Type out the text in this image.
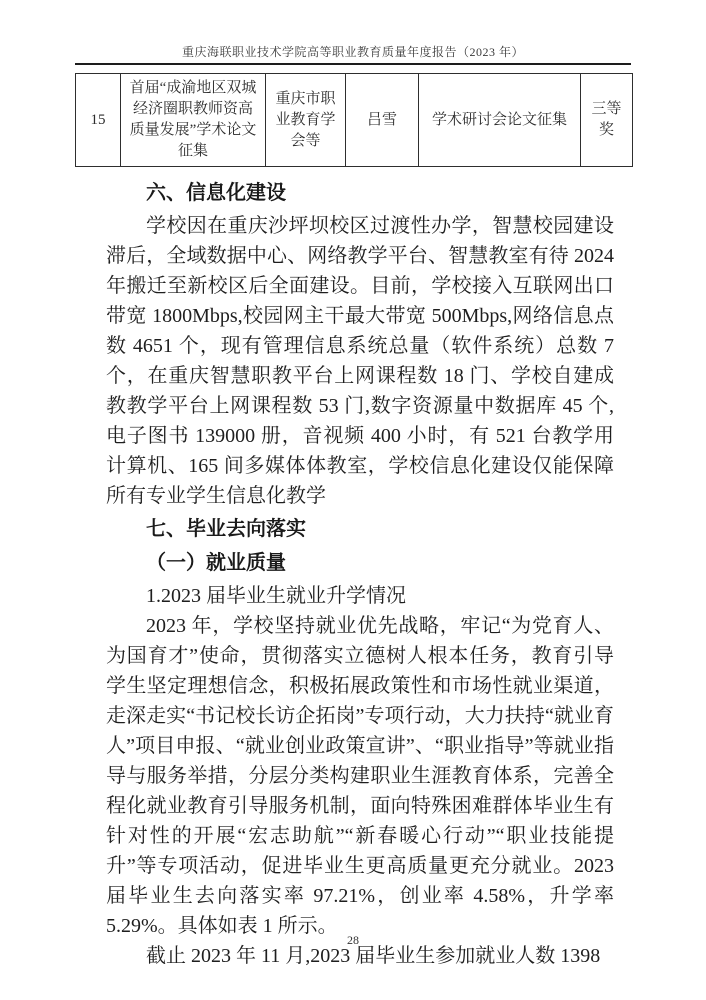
重庆海联职业技术学院高等职业教育质量年度报告（2023 年）
15	首届“成渝地区双城经济圈职教师资高质量发展”学术论文征集	重庆市职业教育学会等	吕雪	学术研讨会论文征集	三等奖
六、信息化建设

学校因在重庆沙坪坝校区过渡性办学，智慧校园建设滞后，全域数据中心、网络教学平台、智慧教室有待 2024 年搬迁至新校区后全面建设。目前，学校接入互联网出口带宽 1800Mbps,校园网主干最大带宽 500Mbps,网络信息点数 4651 个，现有管理信息系统总量（软件系统）总数 7 个，在重庆智慧职教平台上网课程数 18 门、学校自建成教教学平台上网课程数 53 门,数字资源量中数据库 45 个,电子图书 139000 册，音视频 400 小时，有 521 台教学用计算机、165 间多媒体体教室，学校信息化建设仅能保障所有专业学生信息化教学

七、毕业去向落实
（一）就业质量

1.2023 届毕业生就业升学情况

2023 年，学校坚持就业优先战略，牢记“为党育人、为国育才”使命，贯彻落实立德树人根本任务，教育引导学生坚定理想信念，积极拓展政策性和市场性就业渠道，走深走实“书记校长访企拓岗”专项行动，大力扶持“就业育人”项目申报、“就业创业政策宣讲”、“职业指导”等就业指导与服务举措，分层分类构建职业生涯教育体系，完善全程化就业教育引导服务机制，面向特殊困难群体毕业生有针对性的开展“宏志助航”“新春暖心行动”“职业技能提升”等专项活动，促进毕业生更高质量更充分就业。2023 届毕业生去向落实率 97.21%，创业率 4.58%，升学率 5.29%。具体如表 1 所示。

截止 2023 年 11 月,2023 届毕业生参加就业人数 1398

28
